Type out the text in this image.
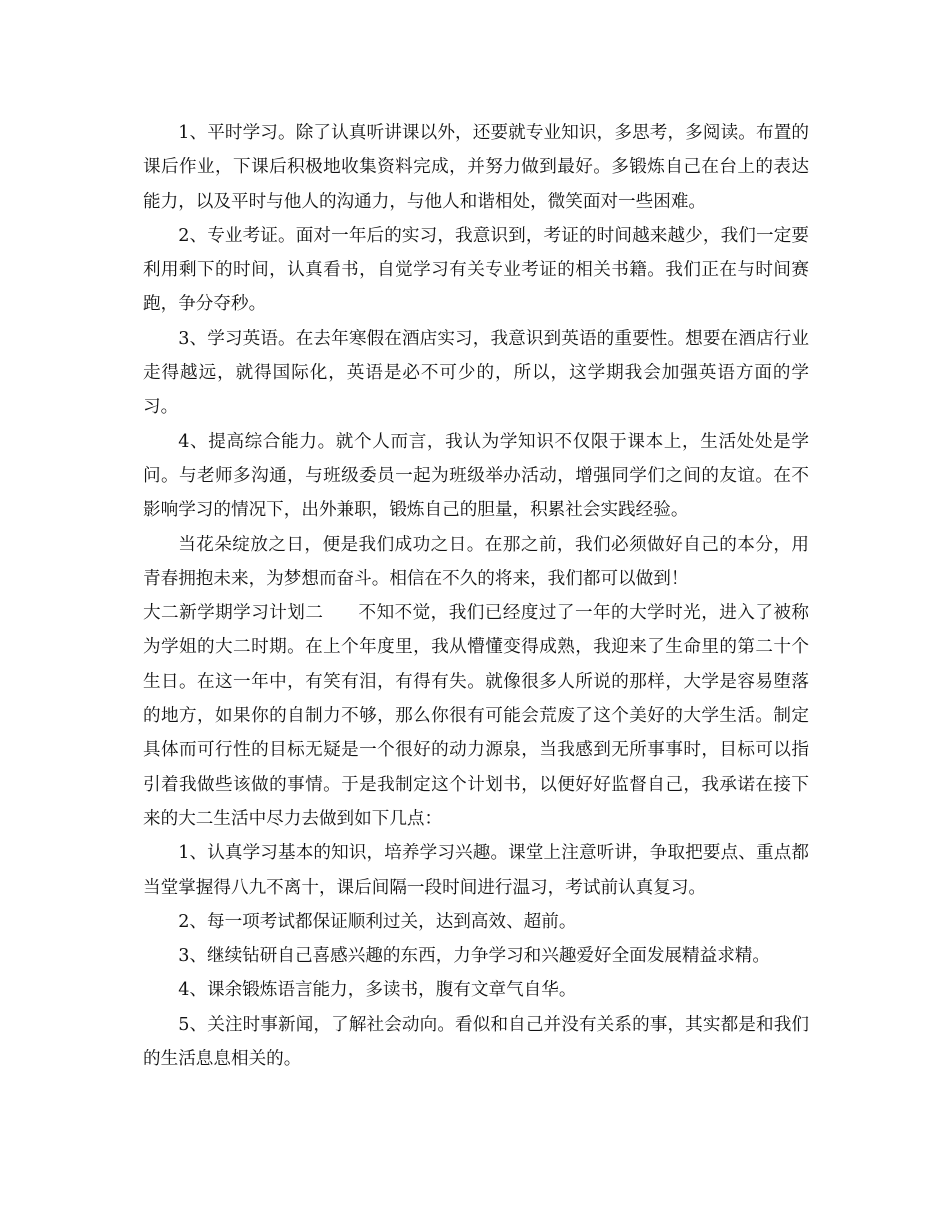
1、平时学习。除了认真听讲课以外，还要就专业知识，多思考，多阅读。布置的课后作业，下课后积极地收集资料完成，并努力做到最好。多锻炼自己在台上的表达能力，以及平时与他人的沟通力，与他人和谐相处，微笑面对一些困难。

2、专业考证。面对一年后的实习，我意识到，考证的时间越来越少，我们一定要利用剩下的时间，认真看书，自觉学习有关专业考证的相关书籍。我们正在与时间赛跑，争分夺秒。

3、学习英语。在去年寒假在酒店实习，我意识到英语的重要性。想要在酒店行业走得越远，就得国际化，英语是必不可少的，所以，这学期我会加强英语方面的学习。

4、提高综合能力。就个人而言，我认为学知识不仅限于课本上，生活处处是学问。与老师多沟通，与班级委员一起为班级举办活动，增强同学们之间的友谊。在不影响学习的情况下，出外兼职，锻炼自己的胆量，积累社会实践经验。

当花朵绽放之日，便是我们成功之日。在那之前，我们必须做好自己的本分，用青春拥抱未来，为梦想而奋斗。相信在不久的将来，我们都可以做到！

大二新学期学习计划二 不知不觉，我们已经度过了一年的大学时光，进入了被称为学姐的大二时期。在上个年度里，我从懵懂变得成熟，我迎来了生命里的第二十个生日。在这一年中，有笑有泪，有得有失。就像很多人所说的那样，大学是容易堕落的地方，如果你的自制力不够，那么你很有可能会荒废了这个美好的大学生活。制定具体而可行性的目标无疑是一个很好的动力源泉，当我感到无所事事时，目标可以指引着我做些该做的事情。于是我制定这个计划书，以便好好监督自己，我承诺在接下来的大二生活中尽力去做到如下几点：

1、认真学习基本的知识，培养学习兴趣。课堂上注意听讲，争取把要点、重点都当堂掌握得八九不离十，课后间隔一段时间进行温习，考试前认真复习。

2、每一项考试都保证顺利过关，达到高效、超前。

3、继续钻研自己喜感兴趣的东西，力争学习和兴趣爱好全面发展精益求精。

4、课余锻炼语言能力，多读书，腹有文章气自华。

5、关注时事新闻，了解社会动向。看似和自己并没有关系的事，其实都是和我们的生活息息相关的。
